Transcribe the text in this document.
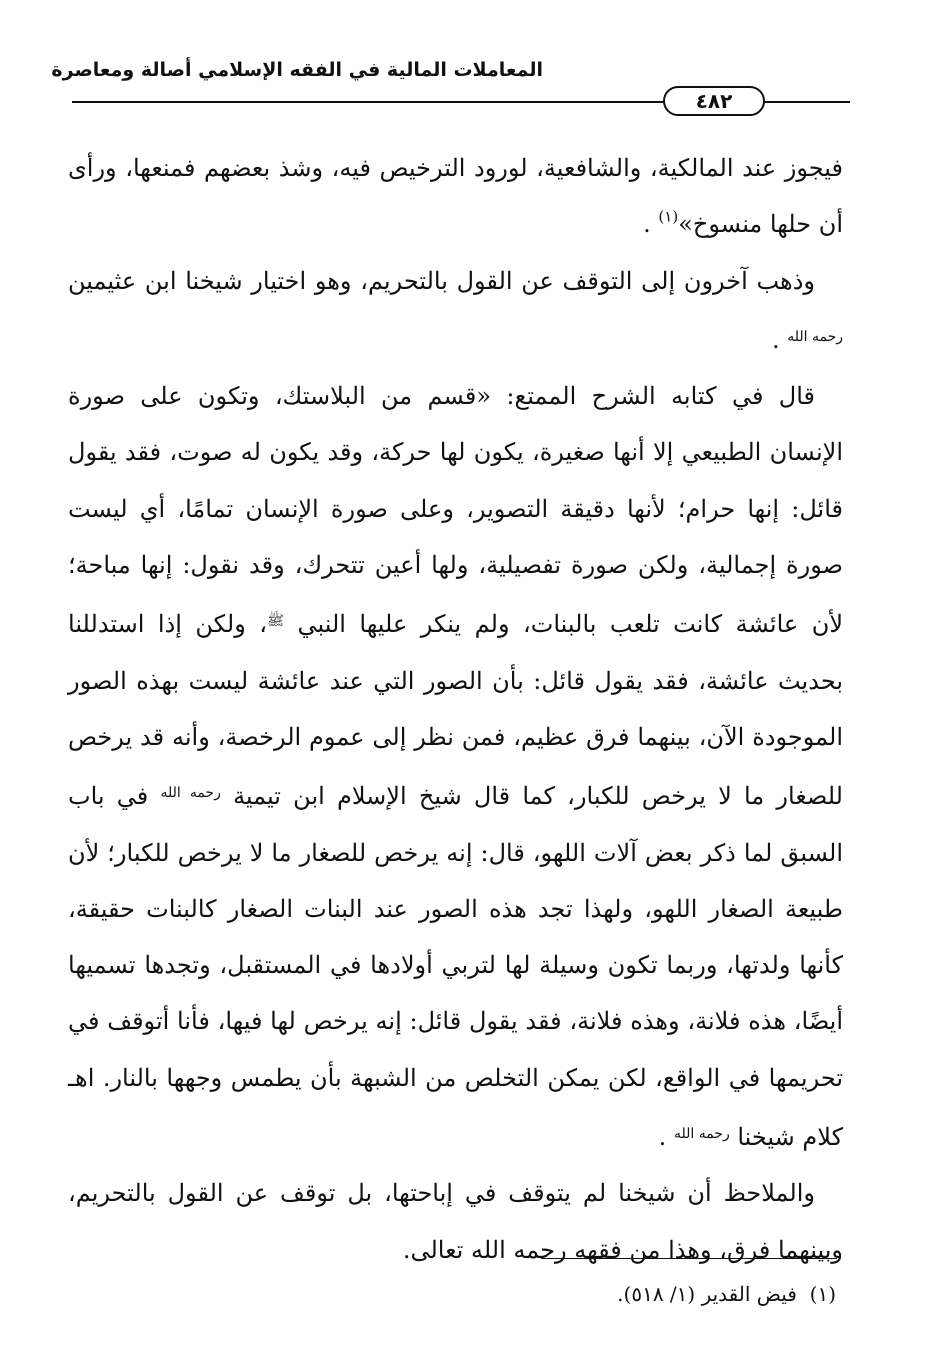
المعاملات المالية في الفقه الإسلامي أصالة ومعاصرة
٤٨٢

فيجوز عند المالكية، والشافعية، لورود الترخيص فيه، وشذ بعضهم فمنعها، ورأى أن حلها منسوخ»$^{(١)}$ .

وذهب آخرون إلى التوقف عن القول بالتحريم، وهو اختيار شيخنا ابن عثيمين $^{رحمه الله}$ .

قال في كتابه الشرح الممتع: «قسم من البلاستك، وتكون على صورة الإنسان الطبيعي إلا أنها صغيرة، يكون لها حركة، وقد يكون له صوت، فقد يقول قائل: إنها حرام؛ لأنها دقيقة التصوير، وعلى صورة الإنسان تمامًا، أي ليست صورة إجمالية، ولكن صورة تفصيلية، ولها أعين تتحرك، وقد نقول: إنها مباحة؛ لأن عائشة كانت تلعب بالبنات، ولم ينكر عليها النبي $^ﷺ$، ولكن إذا استدللنا بحديث عائشة، فقد يقول قائل: بأن الصور التي عند عائشة ليست بهذه الصور الموجودة الآن، بينهما فرق عظيم، فمن نظر إلى عموم الرخصة، وأنه قد يرخص للصغار ما لا يرخص للكبار، كما قال شيخ الإسلام ابن تيمية $^{رحمه الله}$ في باب السبق لما ذكر بعض آلات اللهو، قال: إنه يرخص للصغار ما لا يرخص للكبار؛ لأن طبيعة الصغار اللهو، ولهذا تجد هذه الصور عند البنات الصغار كالبنات حقيقة، كأنها ولدتها، وربما تكون وسيلة لها لتربي أولادها في المستقبل، وتجدها تسميها أيضًا، هذه فلانة، وهذه فلانة، فقد يقول قائل: إنه يرخص لها فيها، فأنا أتوقف في تحريمها في الواقع، لكن يمكن التخلص من الشبهة بأن يطمس وجهها بالنار. اهـ كلام شيخنا $^{رحمه الله}$ .

والملاحظ أن شيخنا لم يتوقف في إباحتها، بل توقف عن القول بالتحريم، وبينهما فرق، وهذا من فقهه رحمه الله تعالى.

(١)  فيض القدير (١/ ٥١٨).
